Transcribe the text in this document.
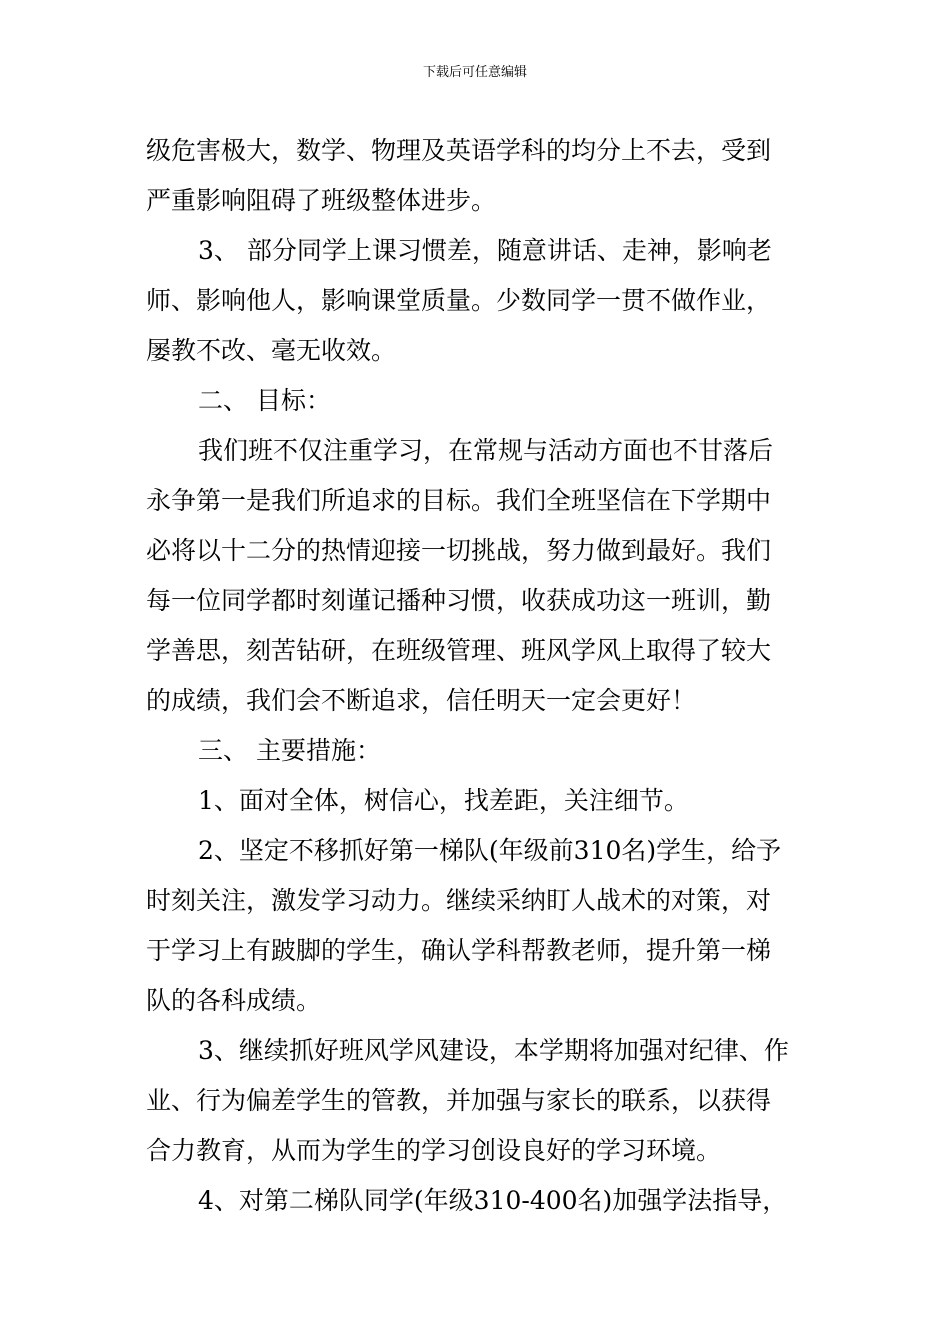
下载后可任意编辑
级危害极大，数学、物理及英语学科的均分上不去，受到
严重影响阻碍了班级整体进步。
3、 部分同学上课习惯差，随意讲话、走神，影响老
师、影响他人，影响课堂质量。少数同学一贯不做作业，
屡教不改、毫无收效。
二、 目标：
我们班不仅注重学习，在常规与活动方面也不甘落后
永争第一是我们所追求的目标。我们全班坚信在下学期中
必将以十二分的热情迎接一切挑战，努力做到最好。我们
每一位同学都时刻谨记播种习惯，收获成功这一班训，勤
学善思，刻苦钻研，在班级管理、班风学风上取得了较大
的成绩，我们会不断追求，信任明天一定会更好！
三、 主要措施：
1、面对全体，树信心，找差距，关注细节。
2、坚定不移抓好第一梯队(年级前310名)学生，给予
时刻关注，激发学习动力。继续采纳盯人战术的对策，对
于学习上有跛脚的学生，确认学科帮教老师，提升第一梯
队的各科成绩。
3、继续抓好班风学风建设，本学期将加强对纪律、作
业、行为偏差学生的管教，并加强与家长的联系，以获得
合力教育，从而为学生的学习创设良好的学习环境。
4、对第二梯队同学(年级310-400名)加强学法指导，
